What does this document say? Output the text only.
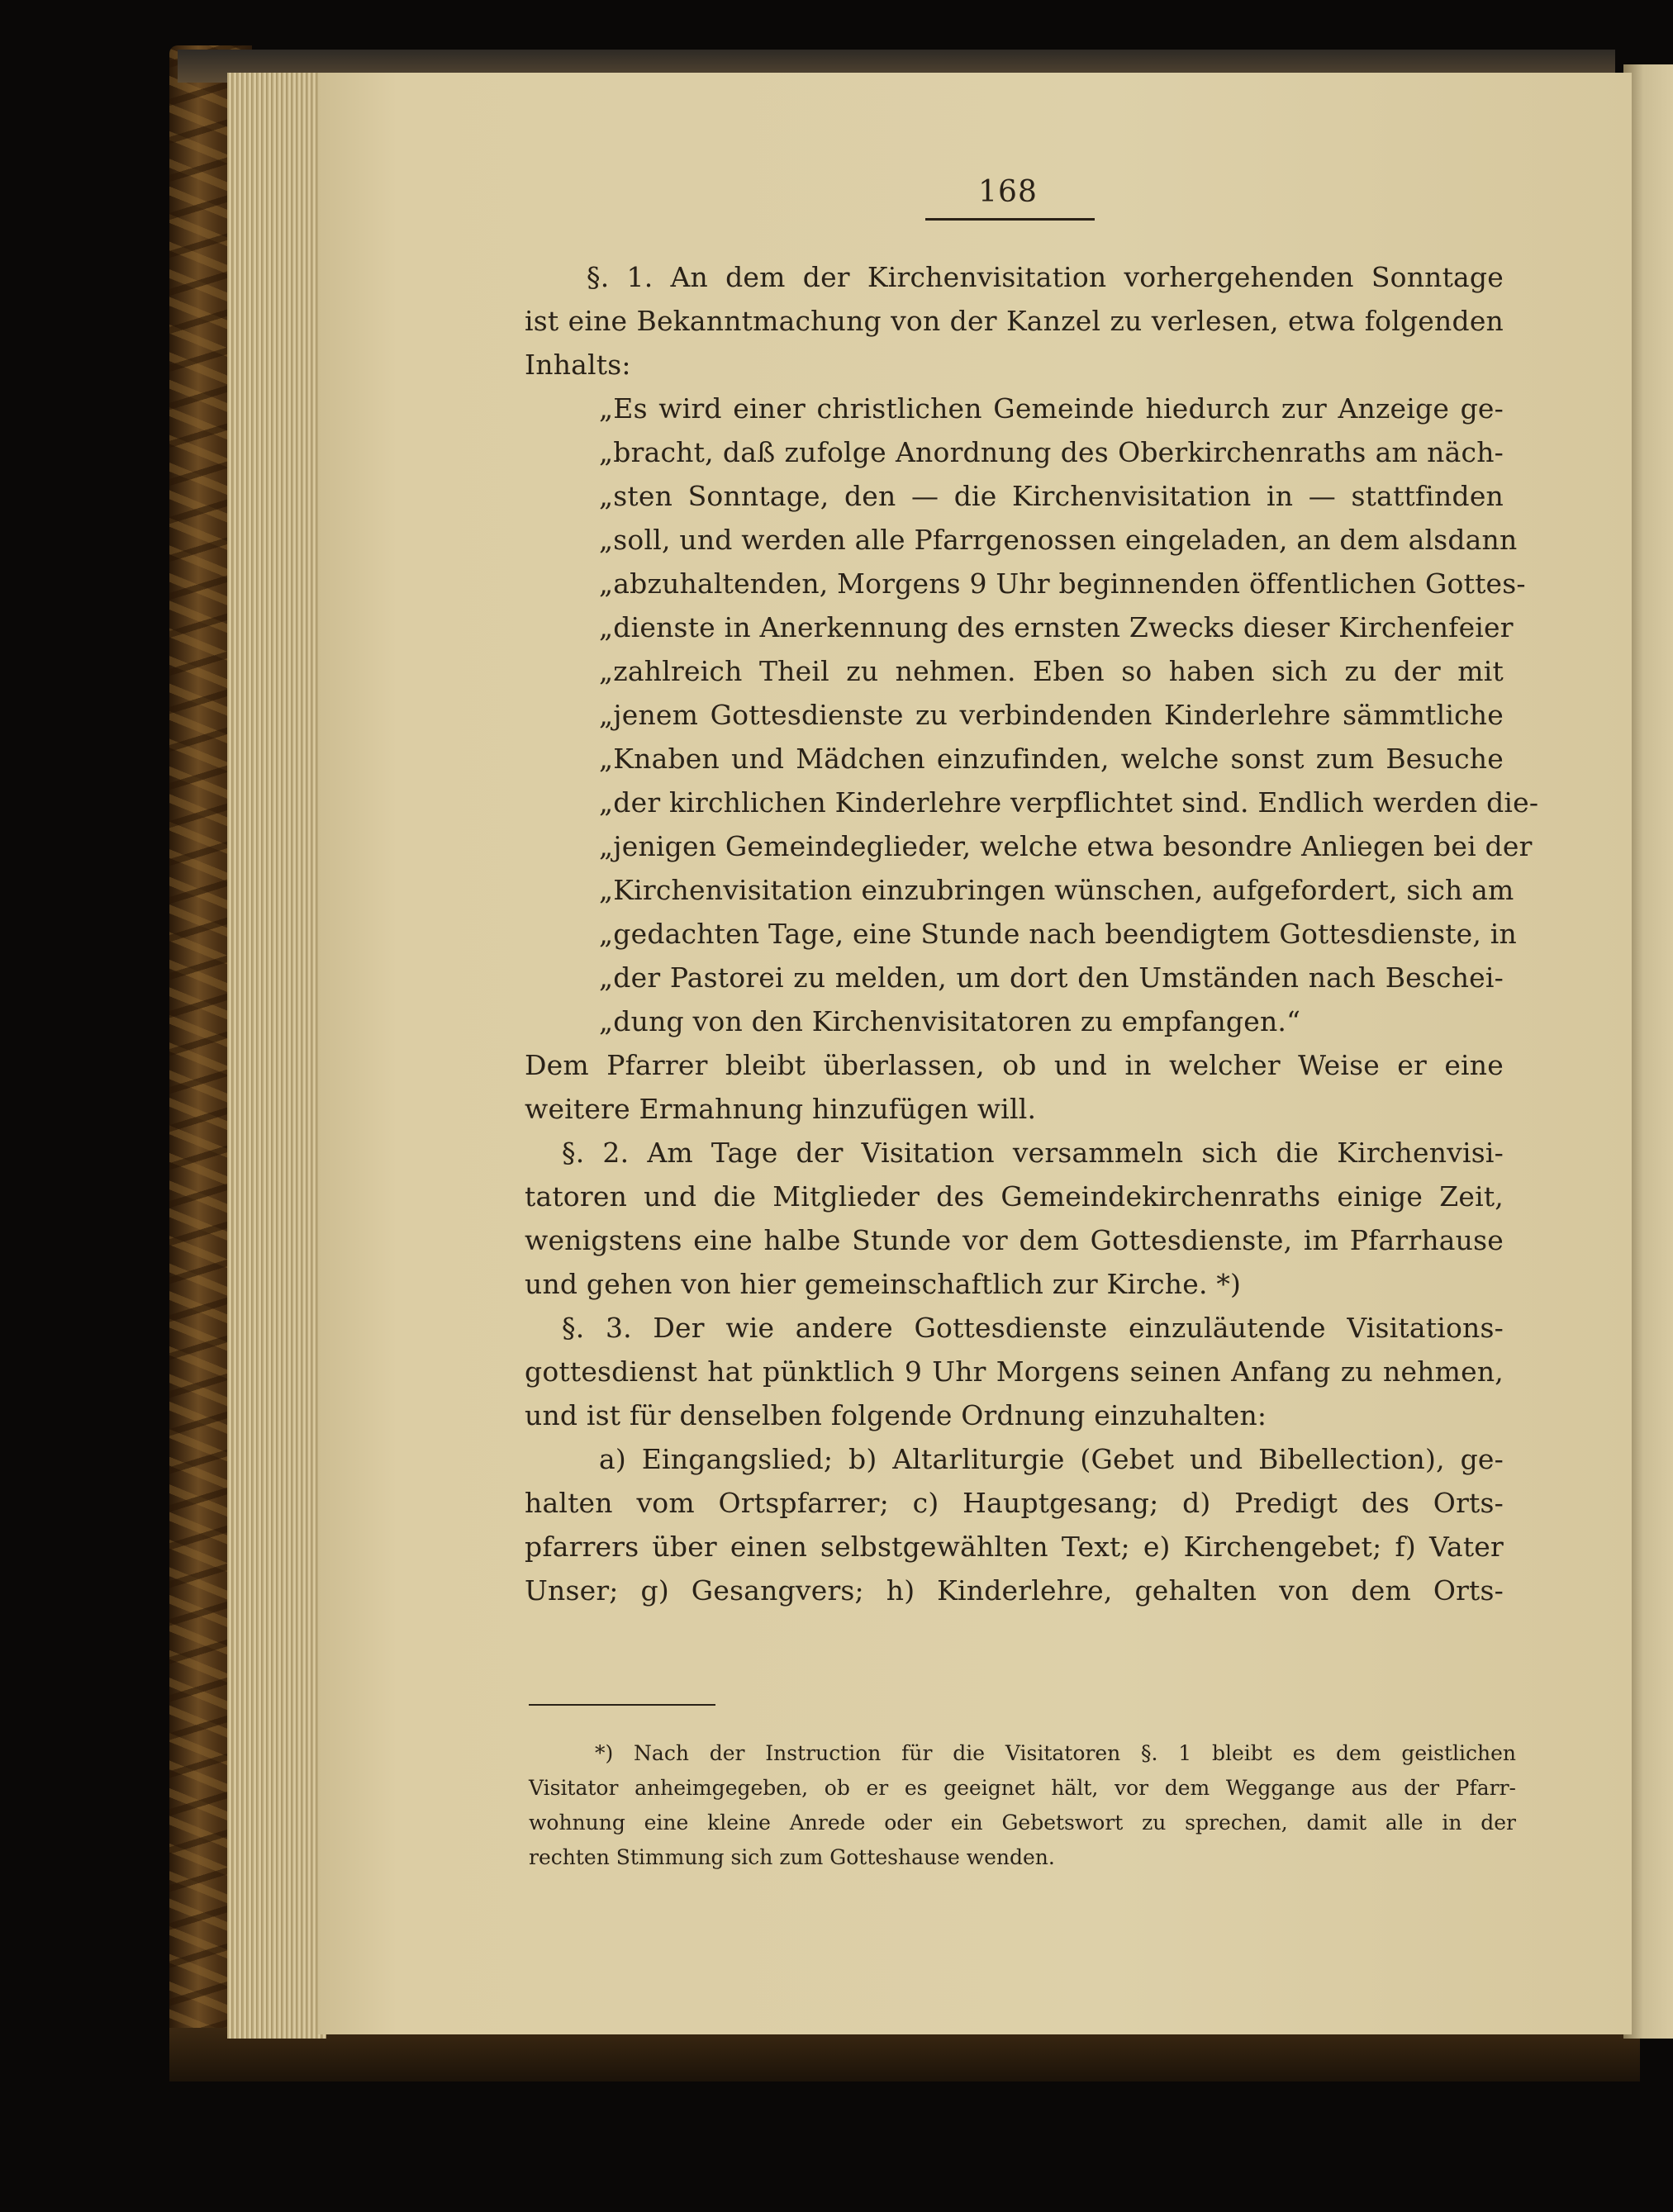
168

§. 1. An dem der Kirchenvisitation vorhergehenden Sonntage

ist eine Bekanntmachung von der Kanzel zu verlesen, etwa folgenden

Inhalts:

„Es wird einer christlichen Gemeinde hiedurch zur Anzeige ge-

„bracht, daß zufolge Anordnung des Oberkirchenraths am näch-

„sten Sonntage, den — die Kirchenvisitation in — stattfinden

„soll, und werden alle Pfarrgenossen eingeladen, an dem alsdann

„abzuhaltenden, Morgens 9 Uhr beginnenden öffentlichen Gottes-

„dienste in Anerkennung des ernsten Zwecks dieser Kirchenfeier

„zahlreich Theil zu nehmen. Eben so haben sich zu der mit

„jenem Gottesdienste zu verbindenden Kinderlehre sämmtliche

„Knaben und Mädchen einzufinden, welche sonst zum Besuche

„der kirchlichen Kinderlehre verpflichtet sind. Endlich werden die-

„jenigen Gemeindeglieder, welche etwa besondre Anliegen bei der

„Kirchenvisitation einzubringen wünschen, aufgefordert, sich am

„gedachten Tage, eine Stunde nach beendigtem Gottesdienste, in

„der Pastorei zu melden, um dort den Umständen nach Beschei-

„dung von den Kirchenvisitatoren zu empfangen.“

Dem Pfarrer bleibt überlassen, ob und in welcher Weise er eine

weitere Ermahnung hinzufügen will.

§. 2. Am Tage der Visitation versammeln sich die Kirchenvisi-

tatoren und die Mitglieder des Gemeindekirchenraths einige Zeit,

wenigstens eine halbe Stunde vor dem Gottesdienste, im Pfarrhause

und gehen von hier gemeinschaftlich zur Kirche. *)

§. 3. Der wie andere Gottesdienste einzuläutende Visitations-

gottesdienst hat pünktlich 9 Uhr Morgens seinen Anfang zu nehmen,

und ist für denselben folgende Ordnung einzuhalten:

a) Eingangslied; b) Altarliturgie (Gebet und Bibellection), ge-

halten vom Ortspfarrer; c) Hauptgesang; d) Predigt des Orts-

pfarrers über einen selbstgewählten Text; e) Kirchengebet; f) Vater

Unser; g) Gesangvers; h) Kinderlehre, gehalten von dem Orts-

*) Nach der Instruction für die Visitatoren §. 1 bleibt es dem geistlichen

Visitator anheimgegeben, ob er es geeignet hält, vor dem Weggange aus der Pfarr-

wohnung eine kleine Anrede oder ein Gebetswort zu sprechen, damit alle in der

rechten Stimmung sich zum Gotteshause wenden.
